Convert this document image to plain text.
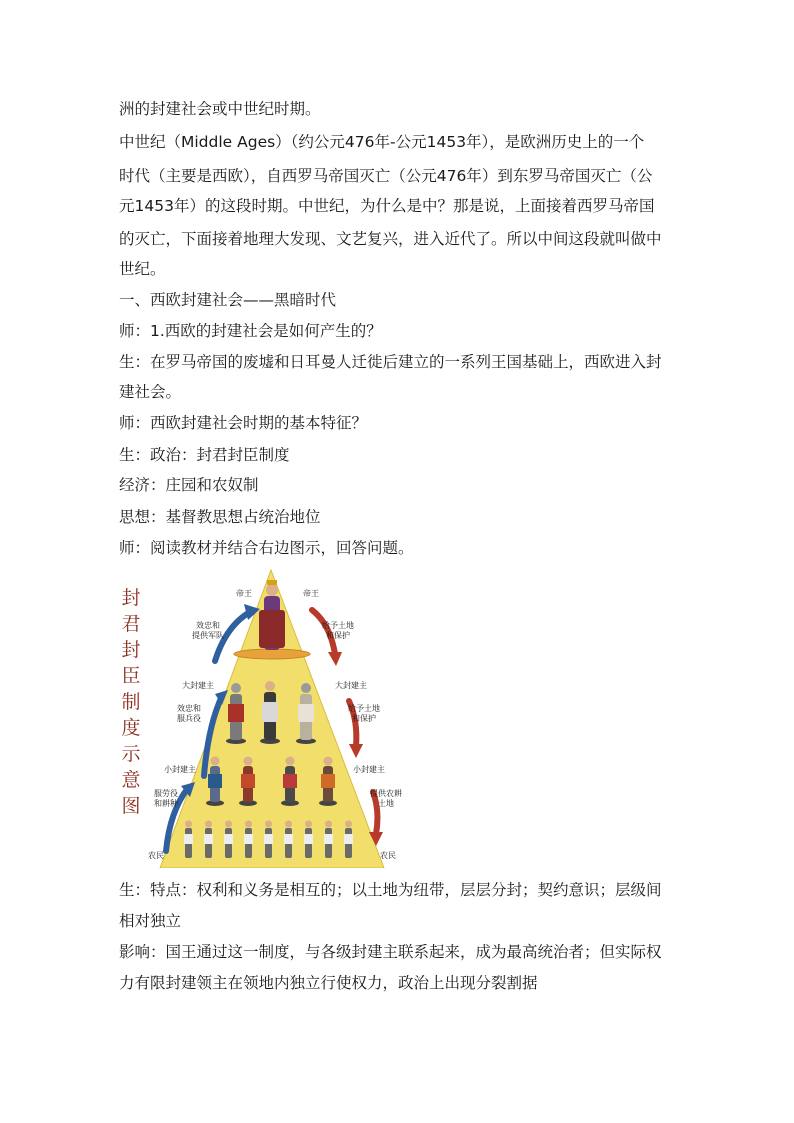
洲的封建社会或中世纪时期。
中世纪（Middle Ages）（约公元476年-公元1453年），是欧洲历史上的一个
时代（主要是西欧），自西罗马帝国灭亡（公元476年）到东罗马帝国灭亡（公
元1453年）的这段时期。中世纪，为什么是中？那是说，上面接着西罗马帝国
的灭亡，下面接着地理大发现、文艺复兴，进入近代了。所以中间这段就叫做中
世纪。
一、西欧封建社会——黑暗时代
师：1.西欧的封建社会是如何产生的？
生：在罗马帝国的废墟和日耳曼人迁徙后建立的一系列王国基础上，西欧进入封
建社会。
师：西欧封建社会时期的基本特征？
生：政治：封君封臣制度
经济：庄园和农奴制
思想：基督教思想占统治地位
师：阅读教材并结合右边图示，回答问题。
封
君
封
臣
制
度
示
意
图
帝王
效忠和
提供军队
大封建主
效忠和
服兵役
小封建主
服劳役
和耕种
农民
帝王
给予土地
和保护
大封建主
给予土地
和保护
小封建主
提供农耕
土地
农民
生：特点：权利和义务是相互的；以土地为纽带，层层分封；契约意识；层级间
相对独立
影响：国王通过这一制度，与各级封建主联系起来，成为最高统治者；但实际权
力有限封建领主在领地内独立行使权力，政治上出现分裂割据
